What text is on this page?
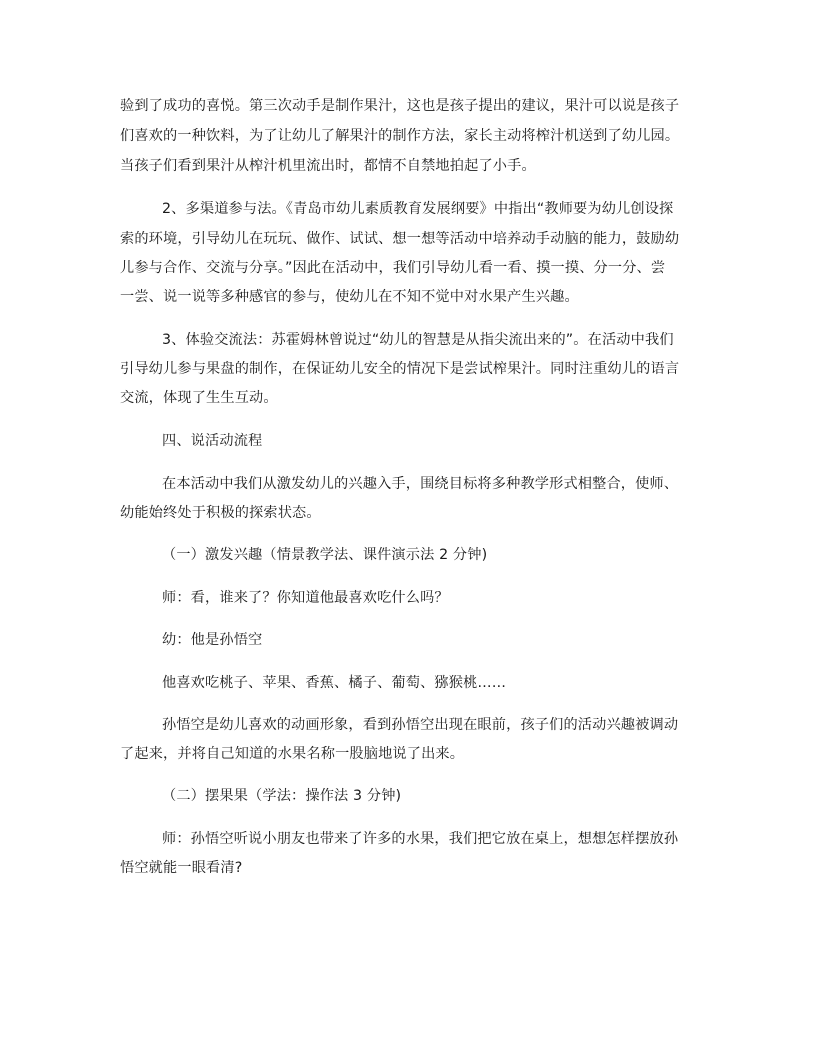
验到了成功的喜悦。第三次动手是制作果汁，这也是孩子提出的建议，果汁可以说是孩子
们喜欢的一种饮料，为了让幼儿了解果汁的制作方法，家长主动将榨汁机送到了幼儿园。
当孩子们看到果汁从榨汁机里流出时，都情不自禁地拍起了小手。
2、多渠道参与法。《青岛市幼儿素质教育发展纲要》中指出“教师要为幼儿创设探
索的环境，引导幼儿在玩玩、做作、试试、想一想等活动中培养动手动脑的能力，鼓励幼
儿参与合作、交流与分享。”因此在活动中，我们引导幼儿看一看、摸一摸、分一分、尝
一尝、说一说等多种感官的参与，使幼儿在不知不觉中对水果产生兴趣。
3、体验交流法：苏霍姆林曾说过“幼儿的智慧是从指尖流出来的”。在活动中我们
引导幼儿参与果盘的制作，在保证幼儿安全的情况下是尝试榨果汁。同时注重幼儿的语言
交流，体现了生生互动。
四、说活动流程
在本活动中我们从激发幼儿的兴趣入手，围绕目标将多种教学形式相整合，使师、
幼能始终处于积极的探索状态。
（一）激发兴趣（情景教学法、课件演示法 2 分钟)
师：看，谁来了？你知道他最喜欢吃什么吗？
幼：他是孙悟空
他喜欢吃桃子、苹果、香蕉、橘子、葡萄、猕猴桃……
孙悟空是幼儿喜欢的动画形象，看到孙悟空出现在眼前，孩子们的活动兴趣被调动
了起来，并将自己知道的水果名称一股脑地说了出来。
（二）摆果果（学法：操作法 3 分钟)
师：孙悟空听说小朋友也带来了许多的水果，我们把它放在桌上，想想怎样摆放孙
悟空就能一眼看清?
